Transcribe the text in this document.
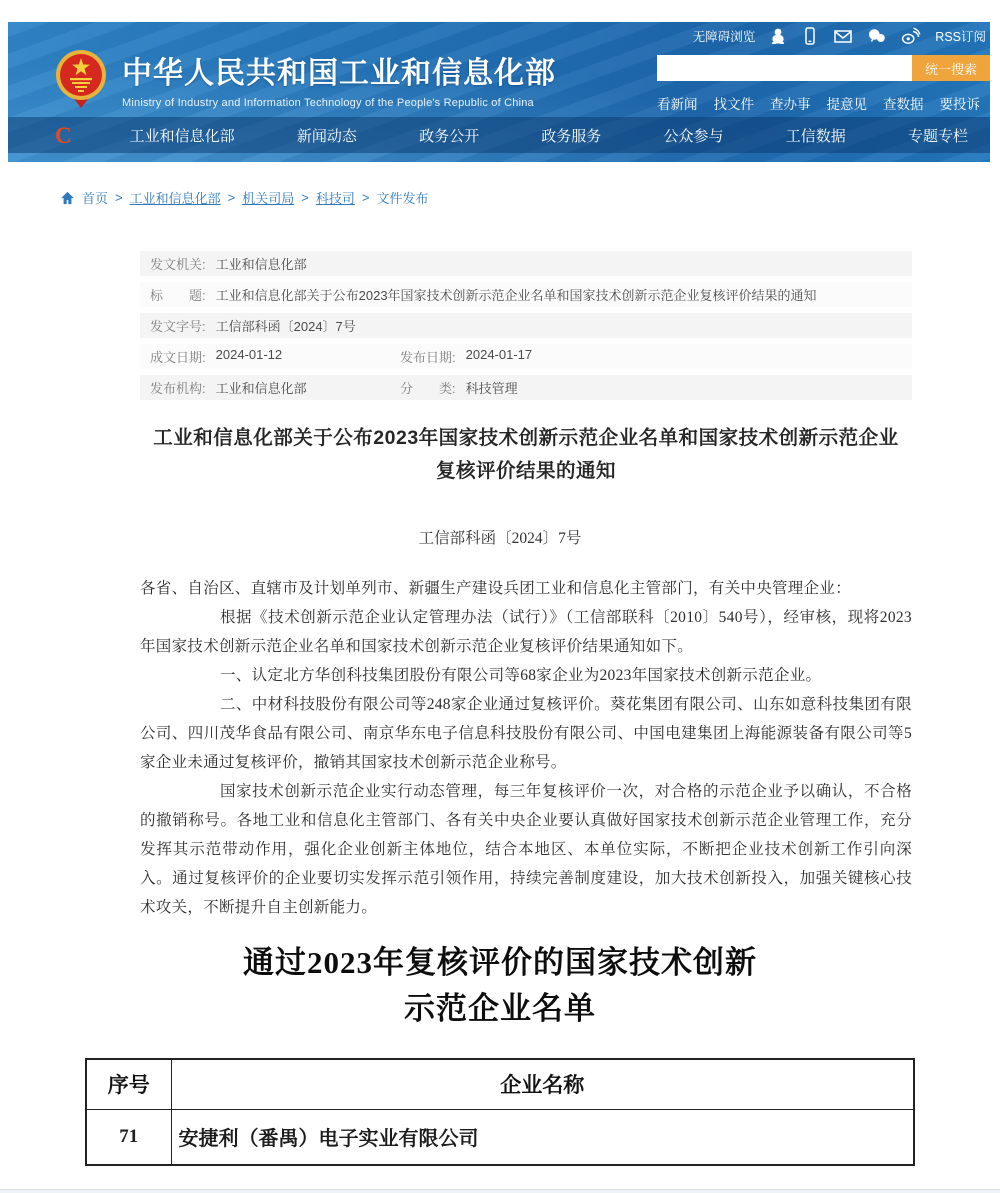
无障碍浏览	RSS订阅
中华人民共和国工业和信息化部
Ministry of Industry and Information Technology of the People's Republic of China
统一搜索
看新闻 找文件 查办事 提意见 查数据 要投诉
C	工业和信息化部	新闻动态	政务公开	政务服务	公众参与	工信数据	专题专栏
首页 > 工业和信息化部 > 机关司局 > 科技司 > 文件发布
发文机关: 工业和信息化部
标　　题: 工业和信息化部关于公布2023年国家技术创新示范企业名单和国家技术创新示范企业复核评价结果的通知
发文字号: 工信部科函〔2024〕7号
成文日期: 2024-01-12	发布日期: 2024-01-17
发布机构: 工业和信息化部	分　　类: 科技管理
工业和信息化部关于公布2023年国家技术创新示范企业名单和国家技术创新示范企业
复核评价结果的通知
工信部科函〔2024〕7号

各省、自治区、直辖市及计划单列市、新疆生产建设兵团工业和信息化主管部门，有关中央管理企业：

根据《技术创新示范企业认定管理办法（试行）》（工信部联科〔2010〕540号），经审核，现将2023年国家技术创新示范企业名单和国家技术创新示范企业复核评价结果通知如下。

一、认定北方华创科技集团股份有限公司等68家企业为2023年国家技术创新示范企业。

二、中材科技股份有限公司等248家企业通过复核评价。葵花集团有限公司、山东如意科技集团有限公司、四川茂华食品有限公司、南京华东电子信息科技股份有限公司、中国电建集团上海能源装备有限公司等5家企业未通过复核评价，撤销其国家技术创新示范企业称号。

国家技术创新示范企业实行动态管理，每三年复核评价一次，对合格的示范企业予以确认，不合格的撤销称号。各地工业和信息化主管部门、各有关中央企业要认真做好国家技术创新示范企业管理工作，充分发挥其示范带动作用，强化企业创新主体地位，结合本地区、本单位实际，不断把企业技术创新工作引向深入。通过复核评价的企业要切实发挥示范引领作用，持续完善制度建设，加大技术创新投入，加强关键核心技术攻关，不断提升自主创新能力。

通过2023年复核评价的国家技术创新
示范企业名单
序号	企业名称
71	安捷利（番禺）电子实业有限公司
